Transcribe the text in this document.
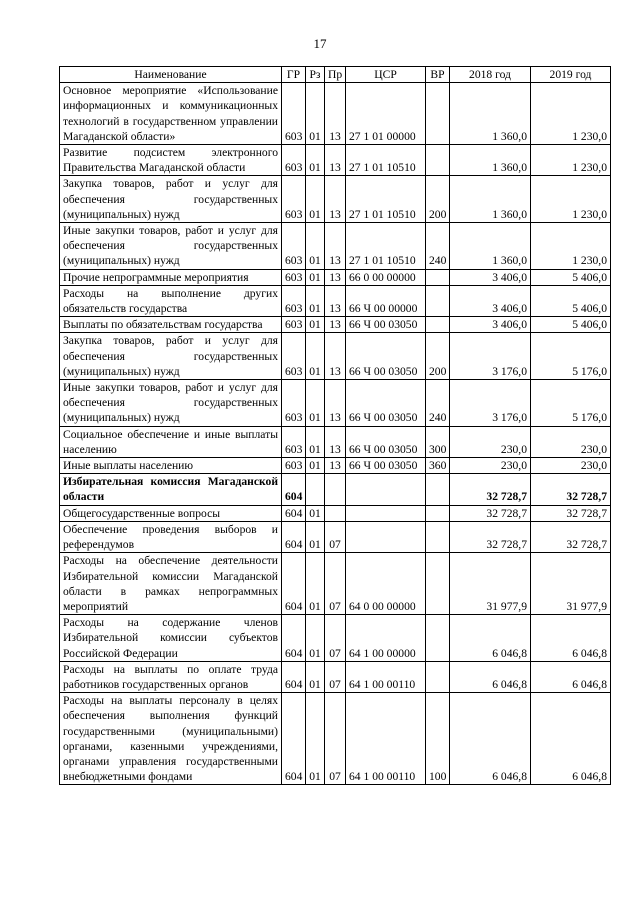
17
Наименование	ГР	Рз	Пр	ЦСР	ВР	2018 год	2019 год
Основное мероприятие «Использование информационных и коммуникационных технологий в государственном управлении Магаданской области»	603	01	13	27 1 01 00000		1 360,0	1 230,0
Развитие подсистем электронного Правительства Магаданской области	603	01	13	27 1 01 10510		1 360,0	1 230,0
Закупка товаров, работ и услуг для обеспечения государственных (муниципальных) нужд	603	01	13	27 1 01 10510	200	1 360,0	1 230,0
Иные закупки товаров, работ и услуг для обеспечения государственных (муниципальных) нужд	603	01	13	27 1 01 10510	240	1 360,0	1 230,0
Прочие непрограммные мероприятия	603	01	13	66 0 00 00000		3 406,0	5 406,0
Расходы на выполнение других обязательств государства	603	01	13	66 Ч 00 00000		3 406,0	5 406,0
Выплаты по обязательствам государства	603	01	13	66 Ч 00 03050		3 406,0	5 406,0
Закупка товаров, работ и услуг для обеспечения государственных (муниципальных) нужд	603	01	13	66 Ч 00 03050	200	3 176,0	5 176,0
Иные закупки товаров, работ и услуг для обеспечения государственных (муниципальных) нужд	603	01	13	66 Ч 00 03050	240	3 176,0	5 176,0
Социальное обеспечение и иные выплаты населению	603	01	13	66 Ч 00 03050	300	230,0	230,0
Иные выплаты населению	603	01	13	66 Ч 00 03050	360	230,0	230,0
Избирательная комиссия Магаданской области	604					32 728,7	32 728,7
Общегосударственные вопросы	604	01				32 728,7	32 728,7
Обеспечение проведения выборов и референдумов	604	01	07			32 728,7	32 728,7
Расходы на обеспечение деятельности Избирательной комиссии Магаданской области в рамках непрограммных мероприятий	604	01	07	64 0 00 00000		31 977,9	31 977,9
Расходы на содержание членов Избирательной комиссии субъектов Российской Федерации	604	01	07	64 1 00 00000		6 046,8	6 046,8
Расходы на выплаты по оплате труда работников государственных органов	604	01	07	64 1 00 00110		6 046,8	6 046,8
Расходы на выплаты персоналу в целях обеспечения выполнения функций государственными (муниципальными) органами, казенными учреждениями, органами управления государственными внебюджетными фондами	604	01	07	64 1 00 00110	100	6 046,8	6 046,8
